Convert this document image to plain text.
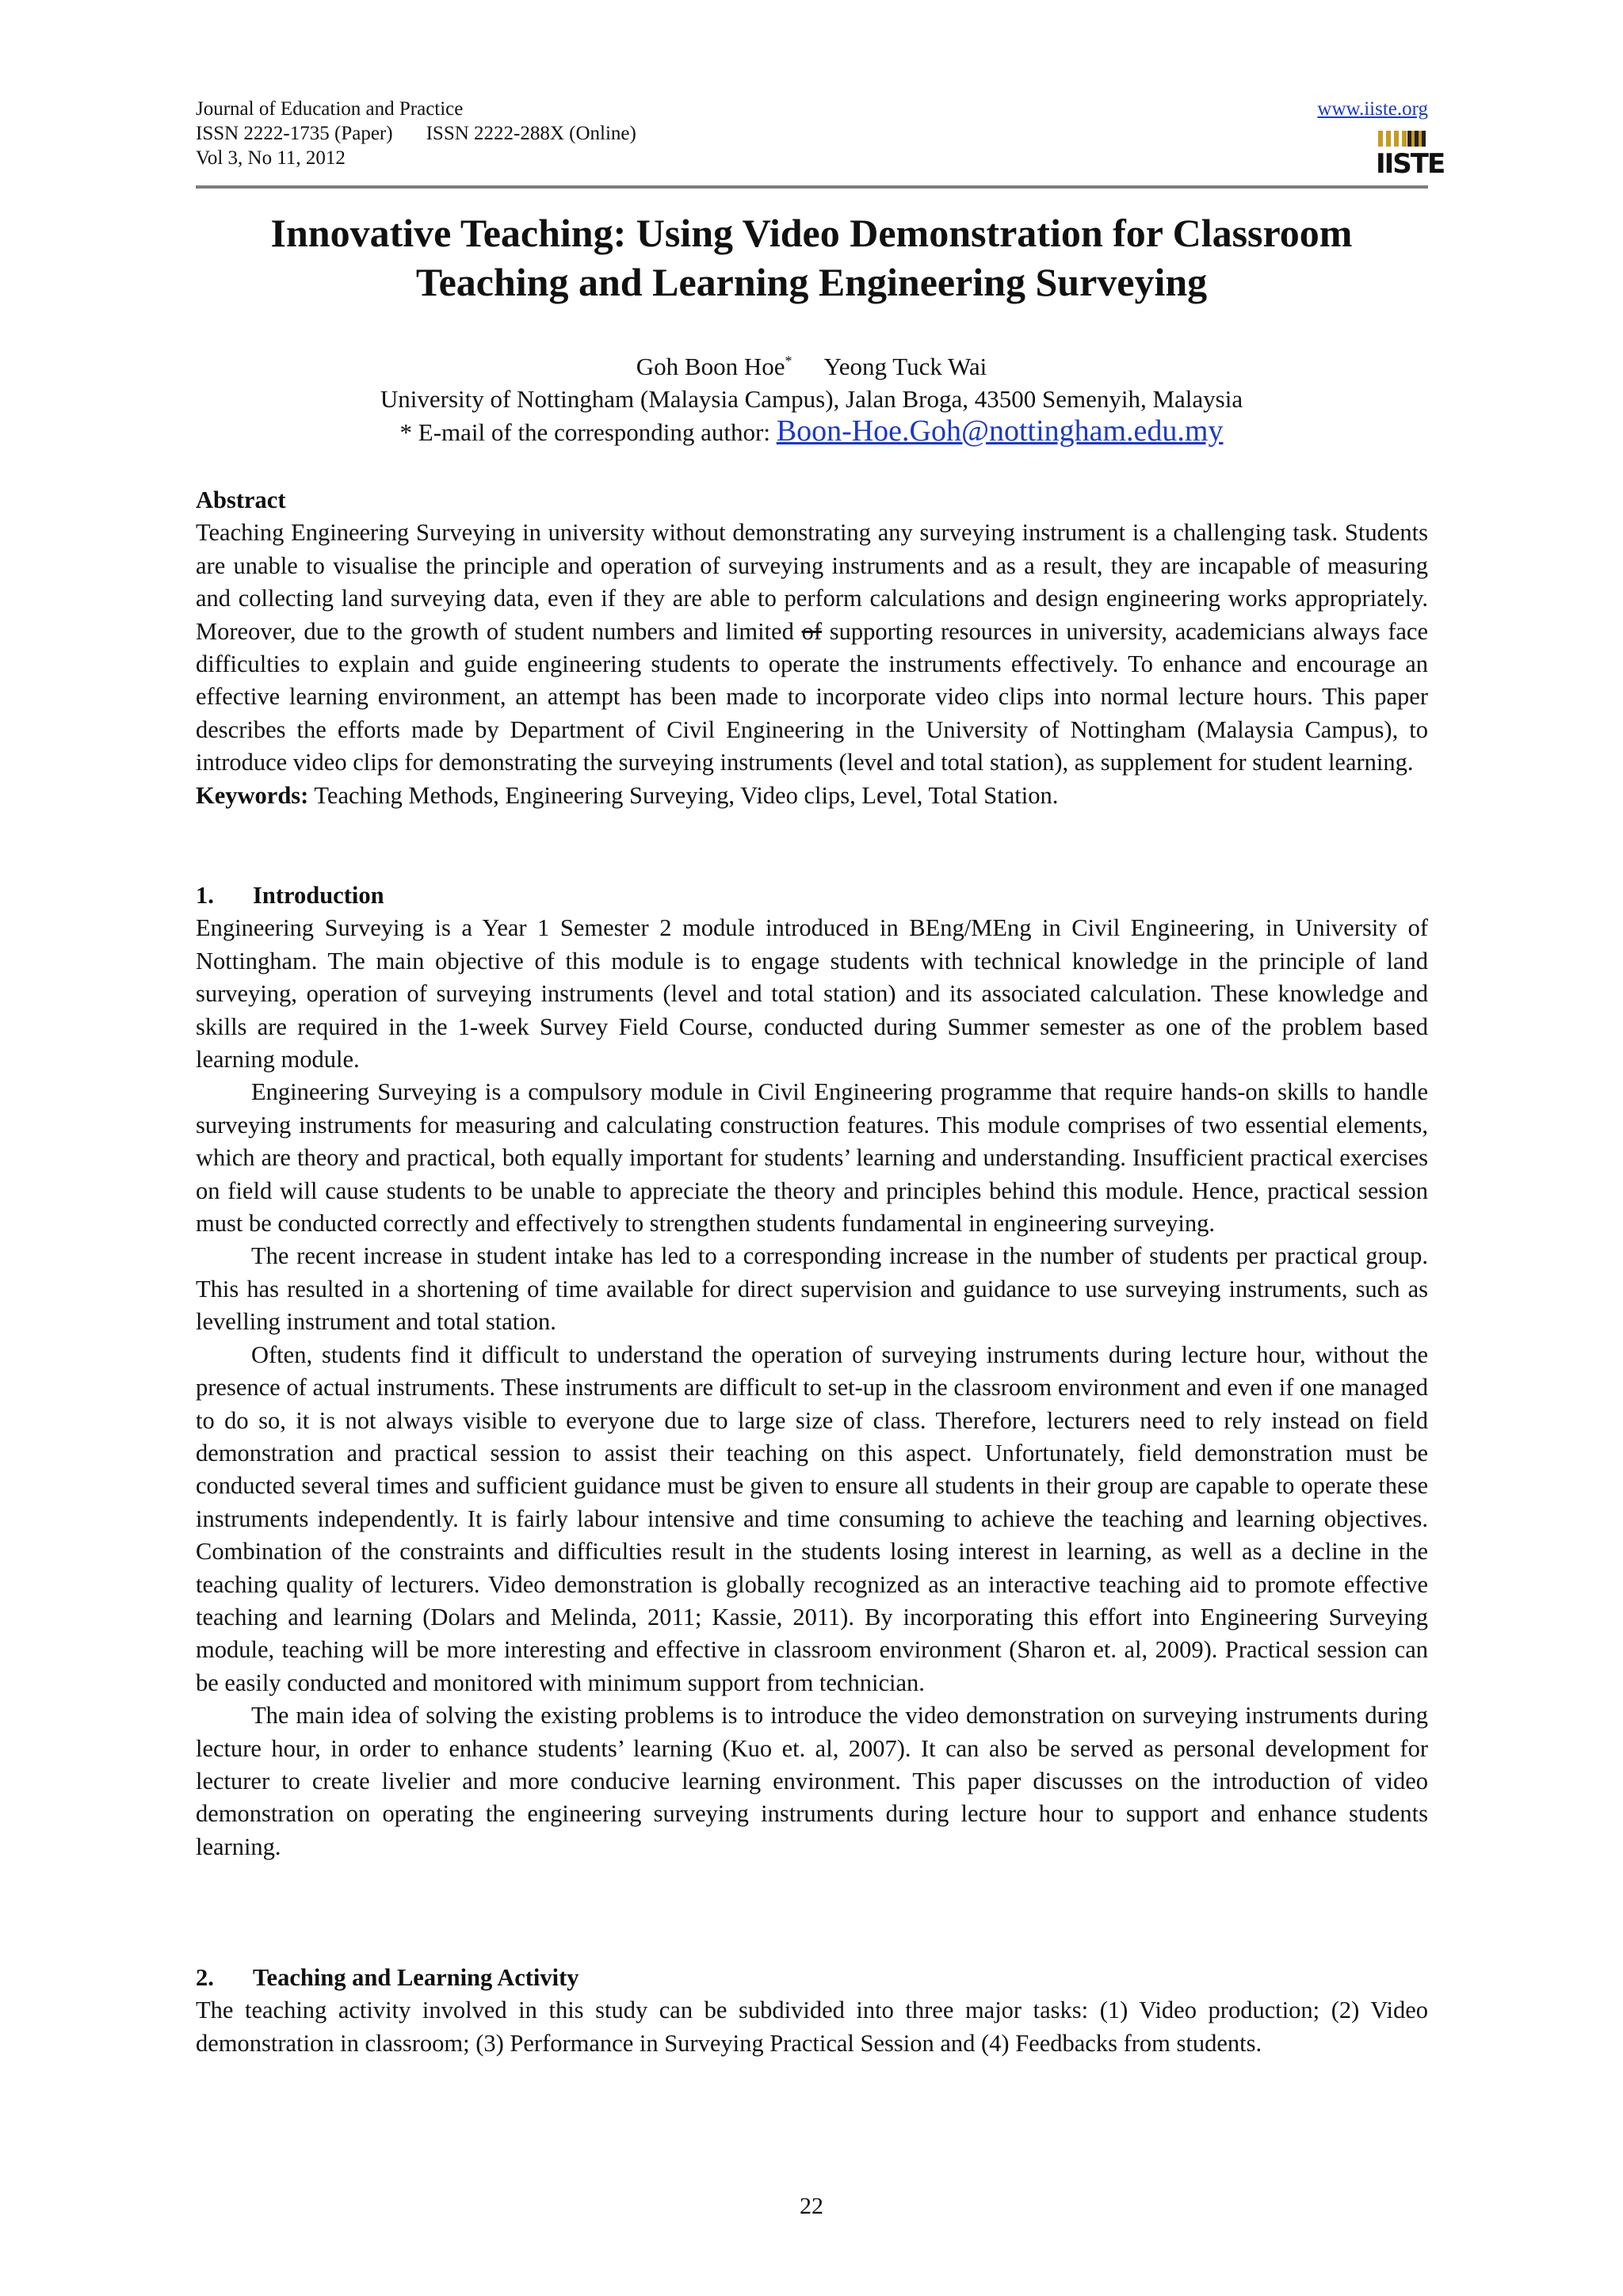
Journal of Education and Practice
ISSN 2222-1735 (Paper) ISSN 2222-288X (Online)
Vol 3, No 11, 2012
www.iiste.org
IISTE
Innovative Teaching: Using Video Demonstration for Classroom
Teaching and Learning Engineering Surveying
Goh Boon Hoe* Yeong Tuck Wai
University of Nottingham (Malaysia Campus), Jalan Broga, 43500 Semenyih, Malaysia
* E-mail of the corresponding author: Boon-Hoe.Goh@nottingham.edu.my

Abstract

Teaching Engineering Surveying in university without demonstrating any surveying instrument is a challenging task. Students are unable to visualise the principle and operation of surveying instruments and as a result, they are incapable of measuring and collecting land surveying data, even if they are able to perform calculations and design engineering works appropriately. Moreover, due to the growth of student numbers and limited of supporting resources in university, academicians always face difficulties to explain and guide engineering students to operate the instruments effectively. To enhance and encourage an effective learning environment, an attempt has been made to incorporate video clips into normal lecture hours. This paper describes the efforts made by Department of Civil Engineering in the University of Nottingham (Malaysia Campus), to introduce video clips for demonstrating the surveying instruments (level and total station), as supplement for student learning.

Keywords: Teaching Methods, Engineering Surveying, Video clips, Level, Total Station.

1. Introduction

Engineering Surveying is a Year 1 Semester 2 module introduced in BEng/MEng in Civil Engineering, in University of Nottingham. The main objective of this module is to engage students with technical knowledge in the principle of land surveying, operation of surveying instruments (level and total station) and its associated calculation. These knowledge and skills are required in the 1-week Survey Field Course, conducted during Summer semester as one of the problem based learning module.

Engineering Surveying is a compulsory module in Civil Engineering programme that require hands-on skills to handle surveying instruments for measuring and calculating construction features. This module comprises of two essential elements, which are theory and practical, both equally important for students’ learning and understanding. Insufficient practical exercises on field will cause students to be unable to appreciate the theory and principles behind this module. Hence, practical session must be conducted correctly and effectively to strengthen students fundamental in engineering surveying.

The recent increase in student intake has led to a corresponding increase in the number of students per practical group. This has resulted in a shortening of time available for direct supervision and guidance to use surveying instruments, such as levelling instrument and total station.

Often, students find it difficult to understand the operation of surveying instruments during lecture hour, without the presence of actual instruments. These instruments are difficult to set-up in the classroom environment and even if one managed to do so, it is not always visible to everyone due to large size of class. Therefore, lecturers need to rely instead on field demonstration and practical session to assist their teaching on this aspect. Unfortunately, field demonstration must be conducted several times and sufficient guidance must be given to ensure all students in their group are capable to operate these instruments independently. It is fairly labour intensive and time consuming to achieve the teaching and learning objectives. Combination of the constraints and difficulties result in the students losing interest in learning, as well as a decline in the teaching quality of lecturers. Video demonstration is globally recognized as an interactive teaching aid to promote effective teaching and learning (Dolars and Melinda, 2011; Kassie, 2011). By incorporating this effort into Engineering Surveying module, teaching will be more interesting and effective in classroom environment (Sharon et. al, 2009). Practical session can be easily conducted and monitored with minimum support from technician.

The main idea of solving the existing problems is to introduce the video demonstration on surveying instruments during lecture hour, in order to enhance students’ learning (Kuo et. al, 2007). It can also be served as personal development for lecturer to create livelier and more conducive learning environment. This paper discusses on the introduction of video demonstration on operating the engineering surveying instruments during lecture hour to support and enhance students learning.

2. Teaching and Learning Activity

The teaching activity involved in this study can be subdivided into three major tasks: (1) Video production; (2) Video demonstration in classroom; (3) Performance in Surveying Practical Session and (4) Feedbacks from students.

22
